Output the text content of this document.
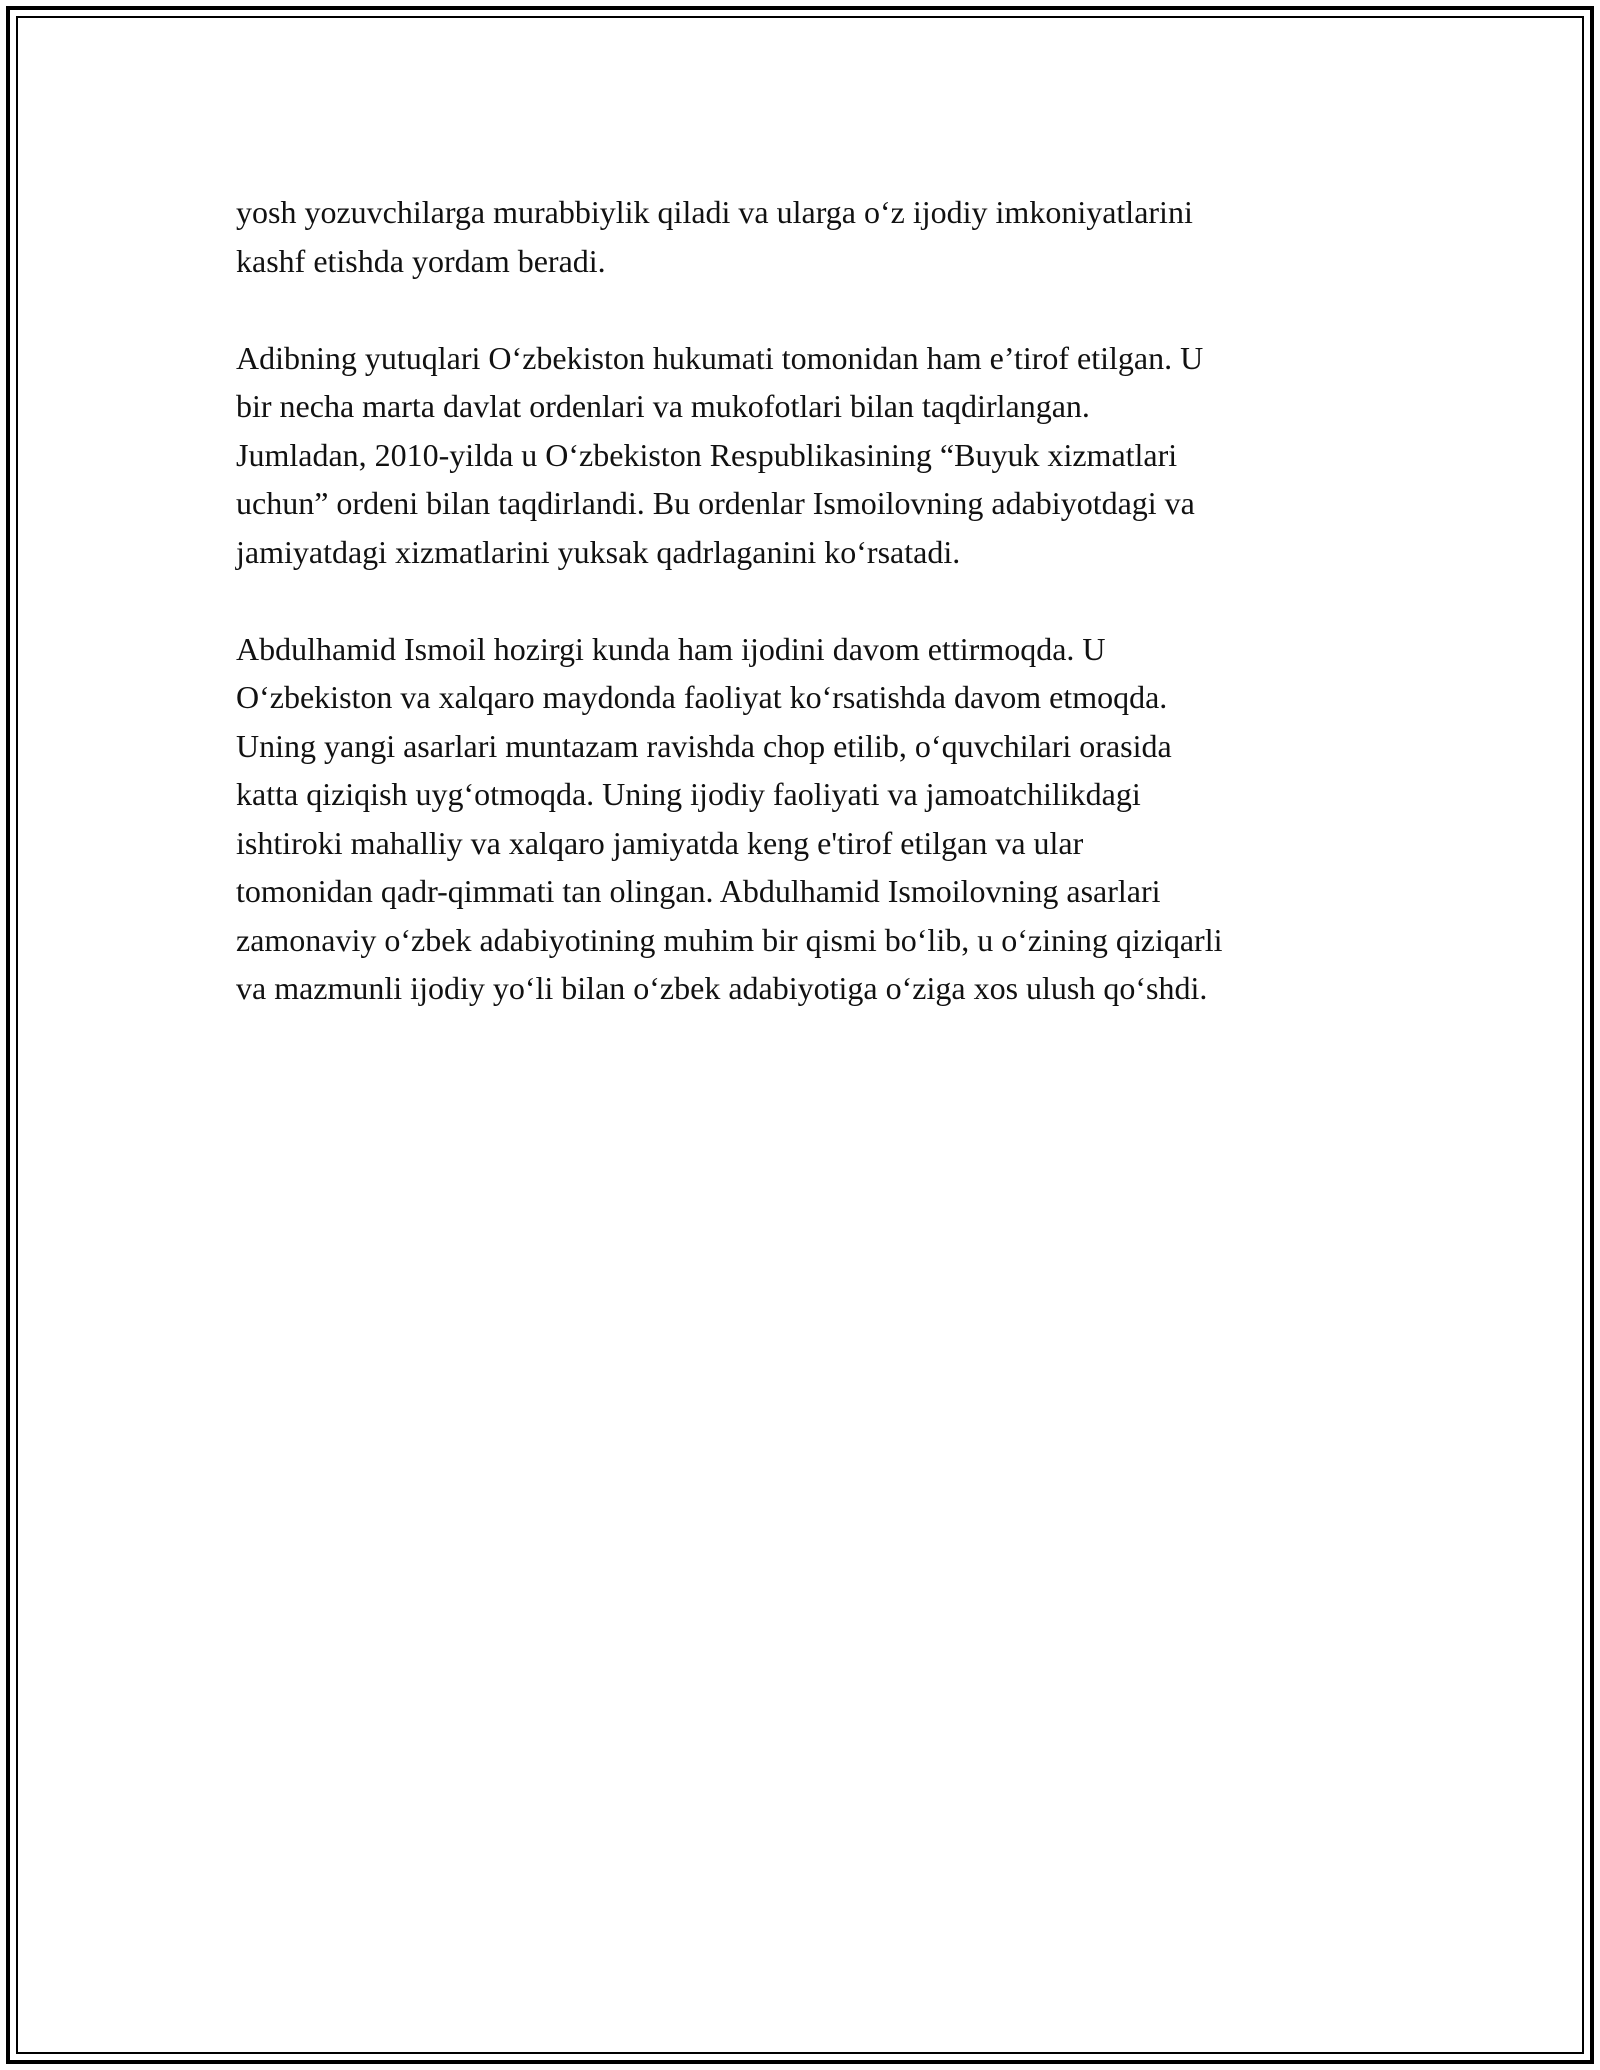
yosh yozuvchilarga murabbiylik qiladi va ularga o‘z ijodiy imkoniyatlarini
kashf etishda yordam beradi.

Adibning yutuqlari O‘zbekiston hukumati tomonidan ham e’tirof etilgan. U
bir necha marta davlat ordenlari va mukofotlari bilan taqdirlangan.
Jumladan, 2010-yilda u O‘zbekiston Respublikasining “Buyuk xizmatlari
uchun” ordeni bilan taqdirlandi. Bu ordenlar Ismoilovning adabiyotdagi va
jamiyatdagi xizmatlarini yuksak qadrlaganini ko‘rsatadi.

Abdulhamid Ismoil hozirgi kunda ham ijodini davom ettirmoqda. U
O‘zbekiston va xalqaro maydonda faoliyat ko‘rsatishda davom etmoqda.
Uning yangi asarlari muntazam ravishda chop etilib, o‘quvchilari orasida
katta qiziqish uyg‘otmoqda. Uning ijodiy faoliyati va jamoatchilikdagi
ishtiroki mahalliy va xalqaro jamiyatda keng e'tirof etilgan va ular
tomonidan qadr-qimmati tan olingan. Abdulhamid Ismoilovning asarlari
zamonaviy o‘zbek adabiyotining muhim bir qismi bo‘lib, u o‘zining qiziqarli
va mazmunli ijodiy yo‘li bilan o‘zbek adabiyotiga o‘ziga xos ulush qo‘shdi.
